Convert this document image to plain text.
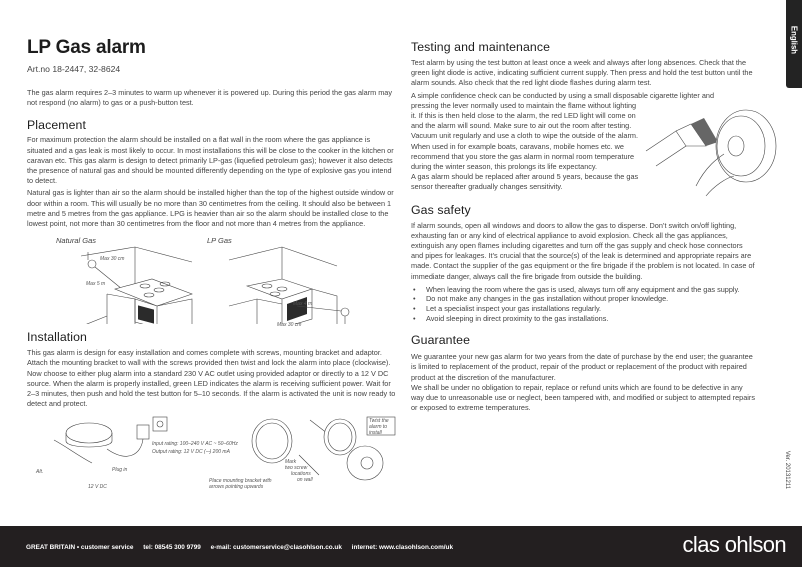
LP Gas alarm
Art.no 18-2447, 32-8624

The gas alarm requires 2–3 minutes to warm up whenever it is powered up. During this period the gas alarm may not respond (no alarm) to gas or a push-button test.

Placement

For maximum protection the alarm should be installed on a flat wall in the room where the gas appliance is situated and a gas leak is most likely to occur. In most installations this will be close to the cooker in the kitchen or caravan etc. This gas alarm is design to detect primarily LP-gas (liquefied petroleum gas); however it also detects the presence of natural gas and should be mounted differently depending on the type of explosive gas you intend to detect.

Natural gas is lighter than air so the alarm should be installed higher than the top of the highest outside window or door within a room. This will usually be no more than 30 centimetres from the ceiling. It should also be between 1 metre and 5 metres from the gas appliance. LPG is heavier than air so the alarm should be installed close to the lowest point, not more than 30 centimetres from the floor and not more than 4 metres from the appliance.

Natural Gas	LP Gas
Max 30 cm
Max 5 m
Max 4 m
Max 30 cm
Installation

This gas alarm is design for easy installation and comes complete with screws, mounting bracket and adaptor. Attach the mounting bracket to wall with the screws provided then twist and lock the alarm into place (clockwise). Now choose to either plug alarm into a standard 230 V AC outlet using provided adaptor or directly to a 12 V DC source. When the alarm is properly installed, green LED indicates the alarm is receiving sufficient power. Wait for 2–3 minutes, then push and hold the test button for 5–10 seconds. If the alarm is activated the unit is now ready to detect and protect.

Alt.
12 V DC
Plug in
Input rating: 100–240 V AC ~ 50–60Hz
Output rating: 12 V DC (⎓) 200 mA
Place mounting bracket with
arrows pointing upwards
Mark
two screw
locations
on wall
Twist the
alarm to
install
Testing and maintenance

Test alarm by using the test button at least once a week and always after long absences. Check that the green light diode is active, indicating sufficient current supply. Then press and hold the test button until the alarm sounds. Also check that the red light diode flashes during alarm test.

A simple confidence check can be conducted by using a small disposable cigarette lighter and

pressing the lever normally used to maintain the flame without lighting it. If this is then held close to the alarm, the red LED light will come on and the alarm will sound. Make sure to air out the room after testing. Vacuum unit regularly and use a cloth to wipe the outside of the alarm. When used in for example boats, caravans, mobile homes etc. we recommend that you store the gas alarm in normal room temperature during the winter season, this prolongs its life expectancy.

A gas alarm should be replaced after around 5 years, because the gas sensor thereafter gradually changes sensitivity.

Gas safety

If alarm sounds, open all windows and doors to allow the gas to disperse. Don’t switch on/off lighting, exhausting fan or any kind of electrical appliance to avoid explosion. Check all the gas appliances, extinguish any open flames including cigarettes and turn off the gas supply and check hose connectors and pipes for leakages. It’s crucial that the source(s) of the leak is determined and appropriate repairs are made. Contact the supplier of the gas equipment or the fire brigade if the problem is not located. In case of immediate danger, always call the fire brigade from outside the building.

• When leaving the room where the gas is used, always turn off any equipment and the gas supply.
• Do not make any changes in the gas installation without proper knowledge.
• Let a specialist inspect your gas installations regularly.
• Avoid sleeping in direct proximity to the gas installations.
Guarantee

We guarantee your new gas alarm for two years from the date of purchase by the end user; the guarantee is limited to replacement of the product, repair of the product or replacement of the product with repaired product at the discretion of the manufacturer.

We shall be under no obligation to repair, replace or refund units which are found to be defective in any way due to unreasonable use or neglect, been tampered with, and modified or subject to attempted repairs or exposed to extreme temperatures.

English
Ver. 20131211
GREAT BRITAIN • customer service tel: 08545 300 9799 e-mail: customerservice@clasohlson.co.uk internet: www.clasohlson.com/uk	clas ohlson
